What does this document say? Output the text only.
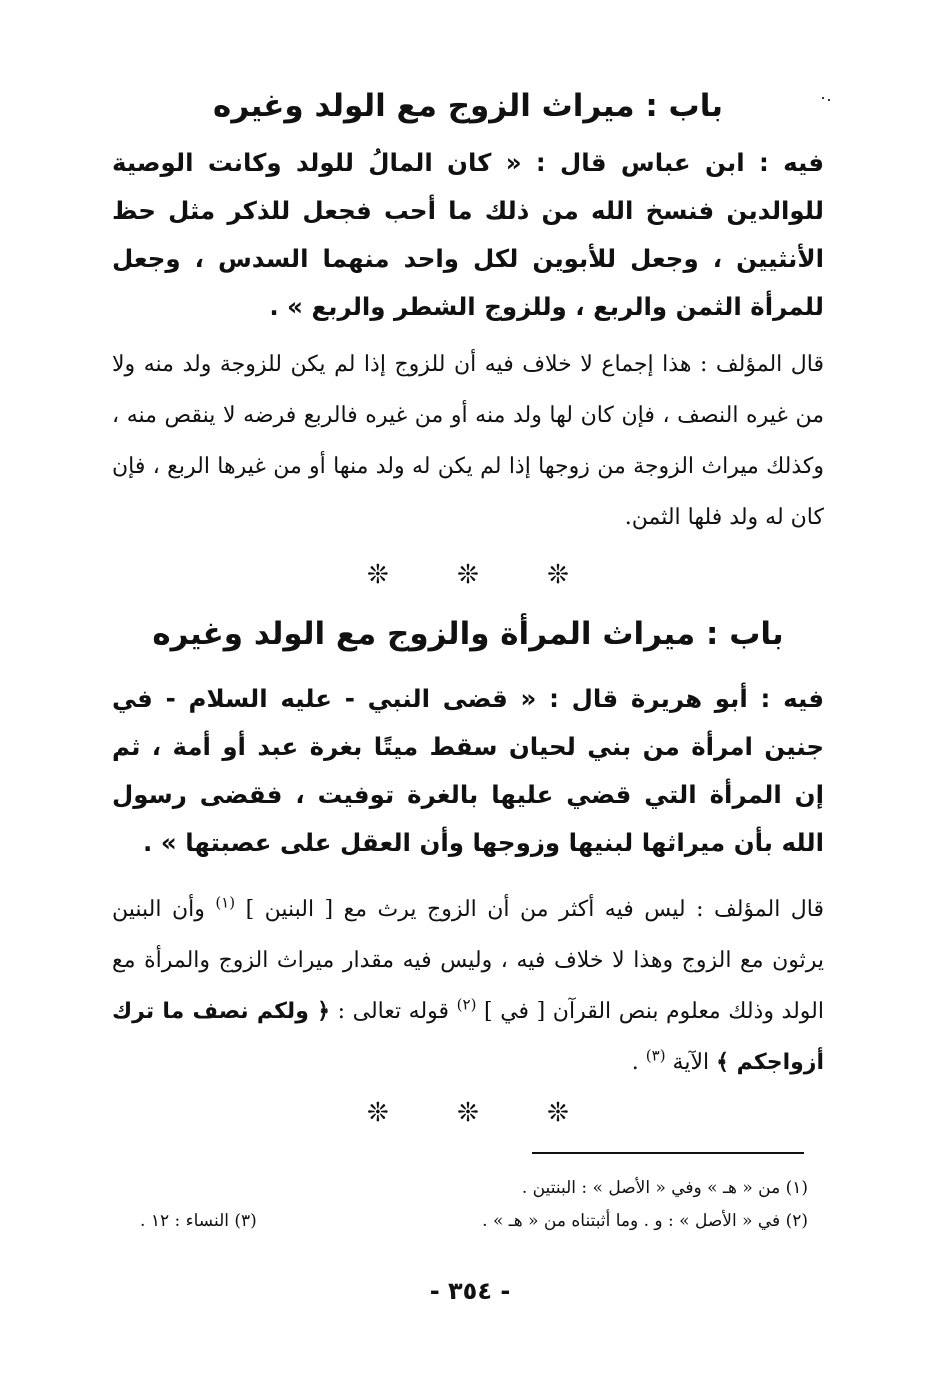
باب : ميراث الزوج مع الولد وغيره
فيه : ابن عباس قال : « كان المالُ للولد وكانت الوصية للوالدين فنسخ الله من ذلك ما أحب فجعل للذكر مثل حظ الأنثيين ، وجعل للأبوين لكل واحد منهما السدس ، وجعل للمرأة الثمن والربع ، وللزوج الشطر والربع » .
قال المؤلف : هذا إجماع لا خلاف فيه أن للزوج إذا لم يكن للزوجة ولد منه ولا من غيره النصف ، فإن كان لها ولد منه أو من غيره فالربع فرضه لا ينقص منه ، وكذلك ميراث الزوجة من زوجها إذا لم يكن له ولد منها أو من غيرها الربع ، فإن كان له ولد فلها الثمن.
❊ ❊ ❊
باب : ميراث المرأة والزوج مع الولد وغيره
فيه : أبو هريرة قال : « قضى النبي - عليه السلام - في جنين امرأة من بني لحيان سقط ميتًا بغرة عبد أو أمة ، ثم إن المرأة التي قضي عليها بالغرة توفيت ، فقضى رسول الله بأن ميراثها لبنيها وزوجها وأن العقل على عصبتها » .
قال المؤلف : ليس فيه أكثر من أن الزوج يرث مع [ البنين ] $^{(١)}$ وأن البنين يرثون مع الزوج وهذا لا خلاف فيه ، وليس فيه مقدار ميراث الزوج والمرأة مع الولد وذلك معلوم بنص القرآن [ في ] $^{(٢)}$ قوله تعالى : ﴿ ولكم نصف ما ترك أزواجكم ﴾ الآية $^{(٣)}$ .
❊ ❊ ❊
(١) من « هـ » وفي « الأصل » : البنتين .
(٢) في « الأصل » : و . وما أثبتناه من « هـ » .
(٣) النساء : ١٢ .
- ٣٥٤ -
